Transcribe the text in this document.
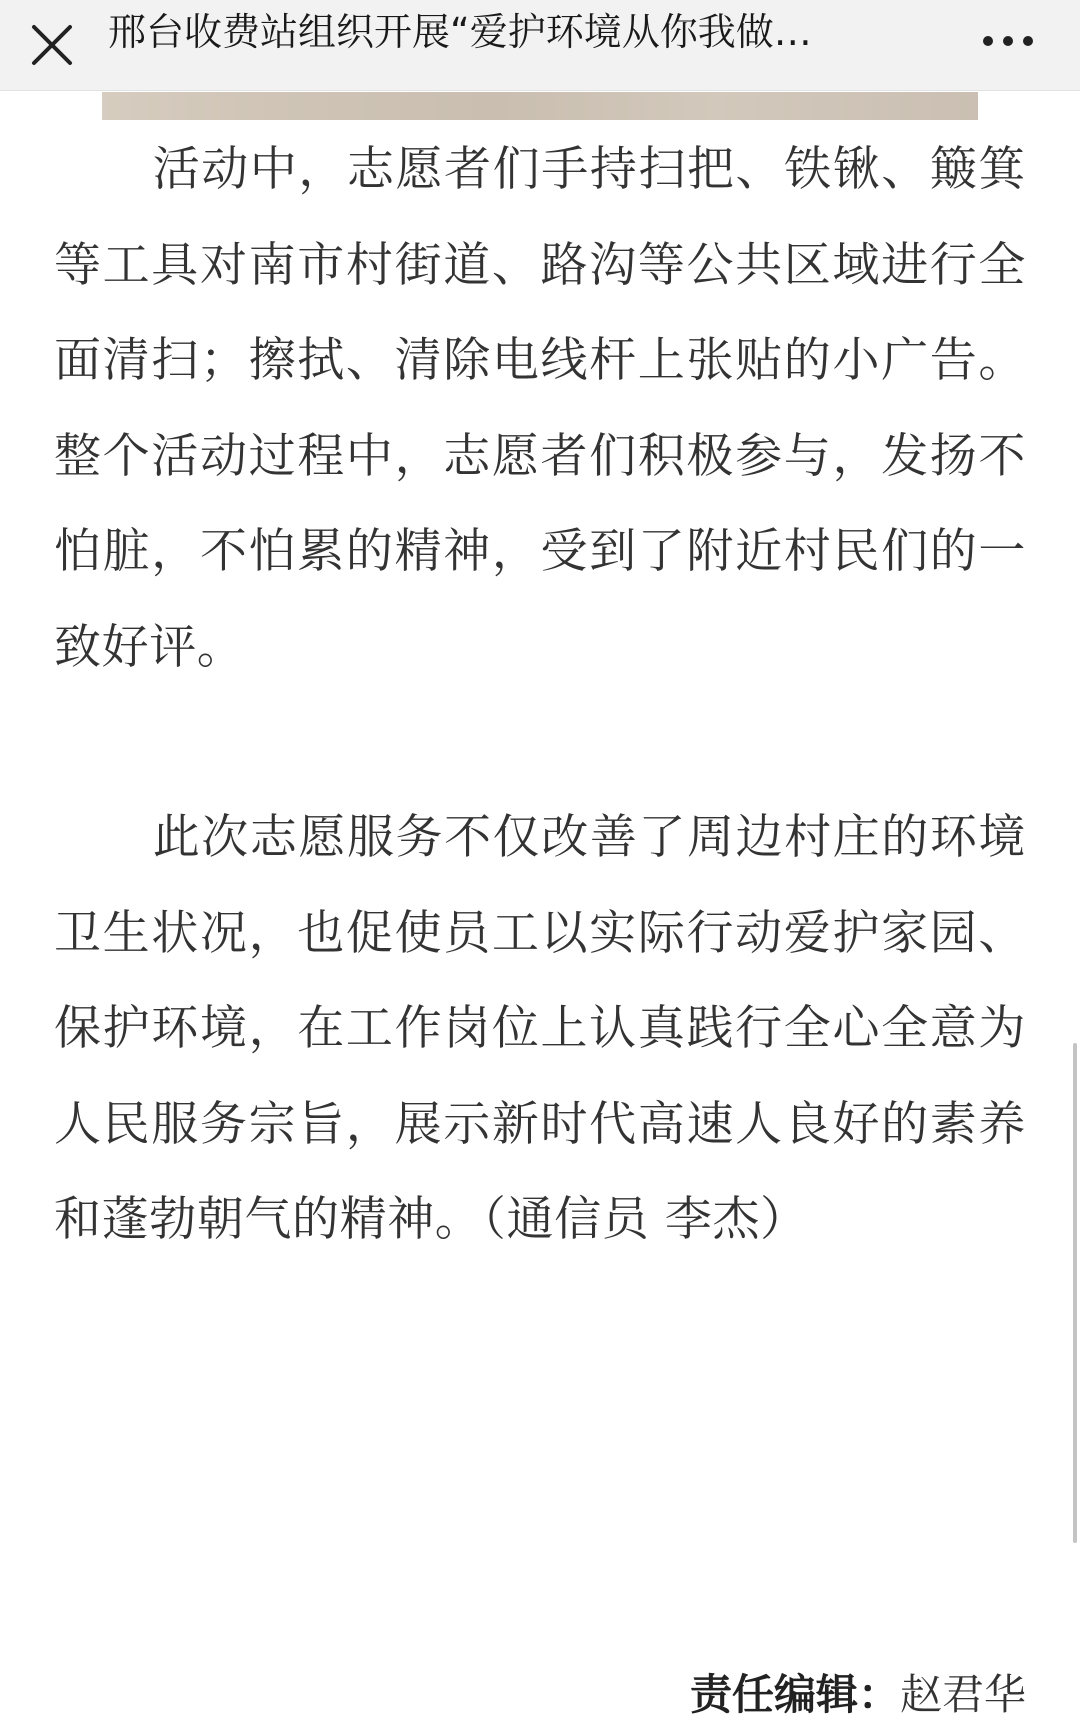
邢台收费站组织开展“爱护环境从你我做…

活动中，志愿者们手持扫把、铁锹、簸箕等工具对南市村街道、路沟等公共区域进行全面清扫；擦拭、清除电线杆上张贴的小广告。整个活动过程中，志愿者们积极参与，发扬不怕脏，不怕累的精神，受到了附近村民们的一致好评。

此次志愿服务不仅改善了周边村庄的环境卫生状况，也促使员工以实际行动爱护家园、保护环境，在工作岗位上认真践行全心全意为人民服务宗旨，展示新时代高速人良好的素养和蓬勃朝气的精神。（通信员 李杰）

责任编辑：赵君华
